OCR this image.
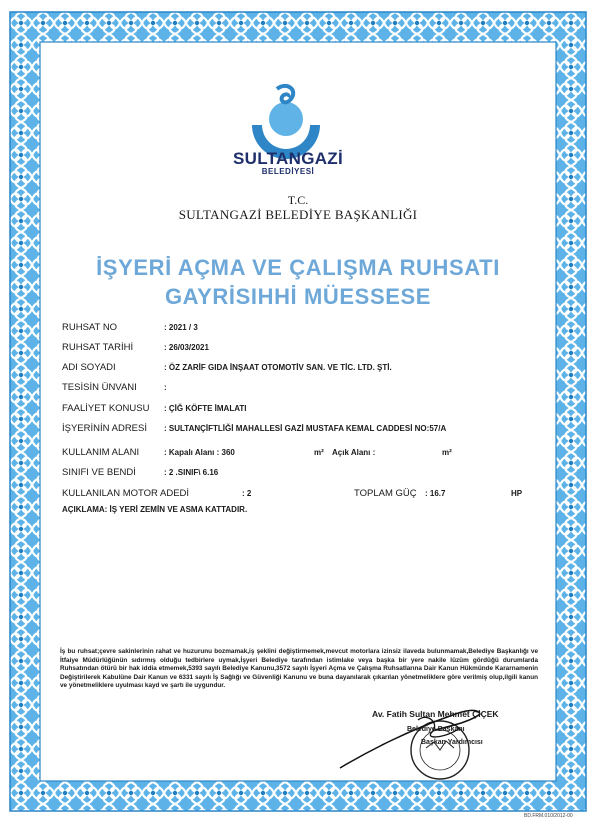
SULTANGAZİ
BELEDİYESİ
T.C.
SULTANGAZİ BELEDİYE BAŞKANLIĞI
İŞYERİ AÇMA VE ÇALIŞMA RUHSATI
GAYRİSIHHİ MÜESSESE
RUHSAT NO	: 2021 / 3
RUHSAT TARİHİ	: 26/03/2021
ADI SOYADI	: ÖZ ZARİF GIDA İNŞAAT OTOMOTİV SAN. VE TİC. LTD. ŞTİ.
TESİSİN ÜNVANI	:
FAALİYET KONUSU : ÇİĞ KÖFTE İMALATI
İŞYERİNİN ADRESİ : SULTANÇİFTLİĞİ MAHALLESİ GAZİ MUSTAFA KEMAL CADDESİ NO:57/A
KULLANIM ALANI	: Kapalı Alanı : 360	m² Açık Alanı :	m²
SINIFI VE BENDİ	: 2 .SINIF\ 6.16
KULLANILAN MOTOR ADEDİ	: 2	TOPLAM GÜÇ : 16.7	HP
AÇIKLAMA: İŞ YERİ ZEMİN VE ASMA KATTADIR.
İş bu ruhsat;çevre sakinlerinin rahat ve huzurunu bozmamak,iş şeklini değiştirmemek,mevcut motorlara izinsiz ilaveda bulunmamak,Belediye Başkanlığı ve İtfaiye Müdürlüğünün sıdırmış olduğu tedbirlere uymak,İşyeri Belediye tarafından istimlake veya başka bir yere nakile lüzüm gördüğü durumlarda Ruhsatından ötürü bir hak iddia etmemek,5393 sayılı Belediye Kanunu,3572 sayılı İşyeri Açma ve Çalışma Ruhsatlarına Dair Kanun Hükmünde Kararnamenin Değiştirilerek Kabulüne Dair Kanun ve 6331 sayılı İş Sağlığı ve Güvenliği Kanunu ve buna dayanılarak çıkarılan yönetmeliklere göre verilmiş olup,ilgili kanun ve yönetmeliklere uyulması kayd ve şartı ile uygundur.
Av. Fatih Sultan Mehmet ÇİÇEK
Belediye Başkanı
Başkan Yardımcısı
BD.FRM.010/2012-00
